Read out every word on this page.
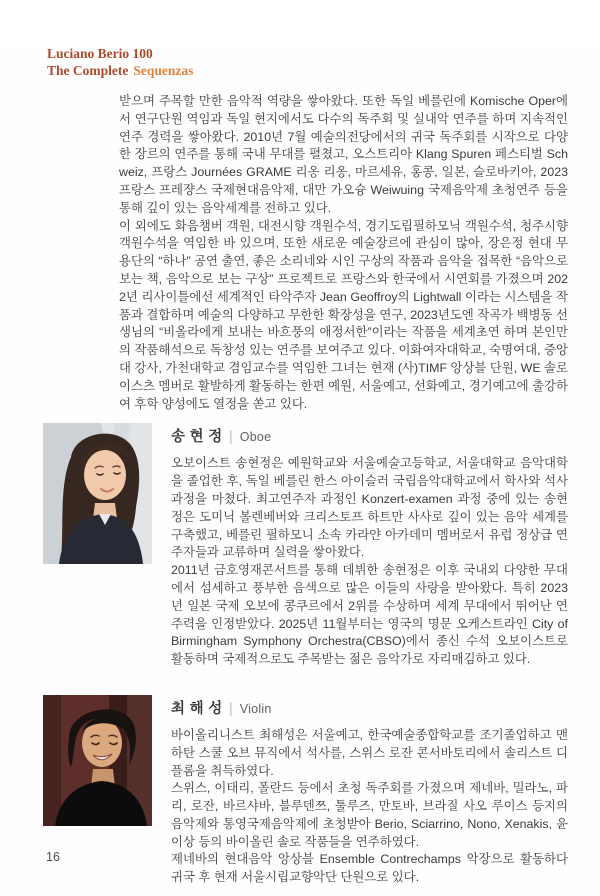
Luciano Berio 100
The Complete Sequenzas

받으며 주목할 만한 음악적 역량을 쌓아왔다. 또한 독일 베를린에 Komische Oper에서 연구단원 역임과 독일 현지에서도 다수의 독주회 및 실내악 연주를 하며 지속적인 연주 경력을 쌓아왔다. 2010년 7월 예술의전당에서의 귀국 독주회를 시작으로 다양한 장르의 연주를 통해 국내 무대를 펼쳤고, 오스트리아 Klang Spuren 페스티벌 Schweiz, 프랑스 Journées GRAME 리옹 리옹, 마르세유, 홍콩, 일본, 슬로바키아, 2023 프랑스 프레쟝스 국제현대음악제, 대만 가오슝 Weiwuing 국제음악제 초청연주 등을 통해 깊이 있는 음악세계를 전하고 있다.

이 외에도 화음챔버 객원, 대전시향 객원수석, 경기도립필하모닉 객원수석, 청주시향 객원수석을 역임한 바 있으며, 또한 새로운 예술장르에 관심이 많아, 장은정 현대 무용단의 “하나” 공연 출연, 좋은 소리네와 시인 구상의 작품과 음악을 접목한 “음악으로 보는 책, 음악으로 보는 구상” 프로젝트로 프랑스와 한국에서 시연회를 가졌으며 2022년 리사이틀에선 세계적인 타악주자 Jean Geoffroy의 Lightwall 이라는 시스템을 작품과 결합하며 예술의 다양하고 무한한 확장성을 연구, 2023년도엔 작곡가 백병동 선생님의 “비올라에게 보내는 바흐풍의 애정서한”이라는 작품을 세계초연 하며 본인만의 작품해석으로 독창성 있는 연주를 보여주고 있다. 이화여자대학교, 숙명여대, 중앙대 강사, 가천대학교 겸임교수를 역임한 그녀는 현재 (사)TIMF 앙상블 단원, WE 솔로이스츠 멤버로 활발하게 활동하는 한편 예원, 서울예고, 선화예고, 경기예고에 출강하여 후학 양성에도 열정을 쏟고 있다.

송현정 | Oboe

오보이스트 송현정은 예원학교와 서울예술고등학교, 서울대학교 음악대학을 졸업한 후, 독일 베를린 한스 아이슬러 국립음악대학교에서 학사와 석사 과정을 마쳤다. 최고연주자 과정인 Konzert-examen 과정 중에 있는 송현정은 도미닉 볼렌베버와 크리스토프 하트만 사사로 깊이 있는 음악 세계를 구축했고, 베를린 필하모니 소속 카라얀 아카데미 멤버로서 유럽 정상급 연주자들과 교류하며 실력을 쌓아왔다.

2011년 금호영재콘서트를 통해 데뷔한 송현정은 이후 국내외 다양한 무대에서 섬세하고 풍부한 음색으로 많은 이들의 사랑을 받아왔다. 특히 2023년 일본 국제 오보에 콩쿠르에서 2위를 수상하며 세계 무대에서 뛰어난 연주력을 인정받았다. 2025년 11월부터는 영국의 명문 오케스트라인 City of Birmingham Symphony Orchestra(CBSO)에서 종신 수석 오보이스트로 활동하며 국제적으로도 주목받는 젊은 음악가로 자리매김하고 있다.

최해성 | Violin

바이올리니스트 최해성은 서울예고, 한국예술종합학교를 조기졸업하고 맨하탄 스쿨 오브 뮤직에서 석사를, 스위스 로잔 콘서바토리에서 솔리스트 디플롬을 취득하였다.

스위스, 이태리, 폴란드 등에서 초청 독주회를 가졌으며 제네바, 밀라노, 파리, 로잔, 바르샤바, 블루덴쯔, 툴루즈, 만토바, 브라질 사오 루이스 등지의 음악제와 통영국제음악제에 초청받아 Berio, Sciarrino, Nono, Xenakis, 윤이상 등의 바이올린 솔로 작품들을 연주하였다.

제네바의 현대음악 앙상블 Ensemble Contrechamps 악장으로 활동하다 귀국 후 현재 서울시립교향악단 단원으로 있다.

16
